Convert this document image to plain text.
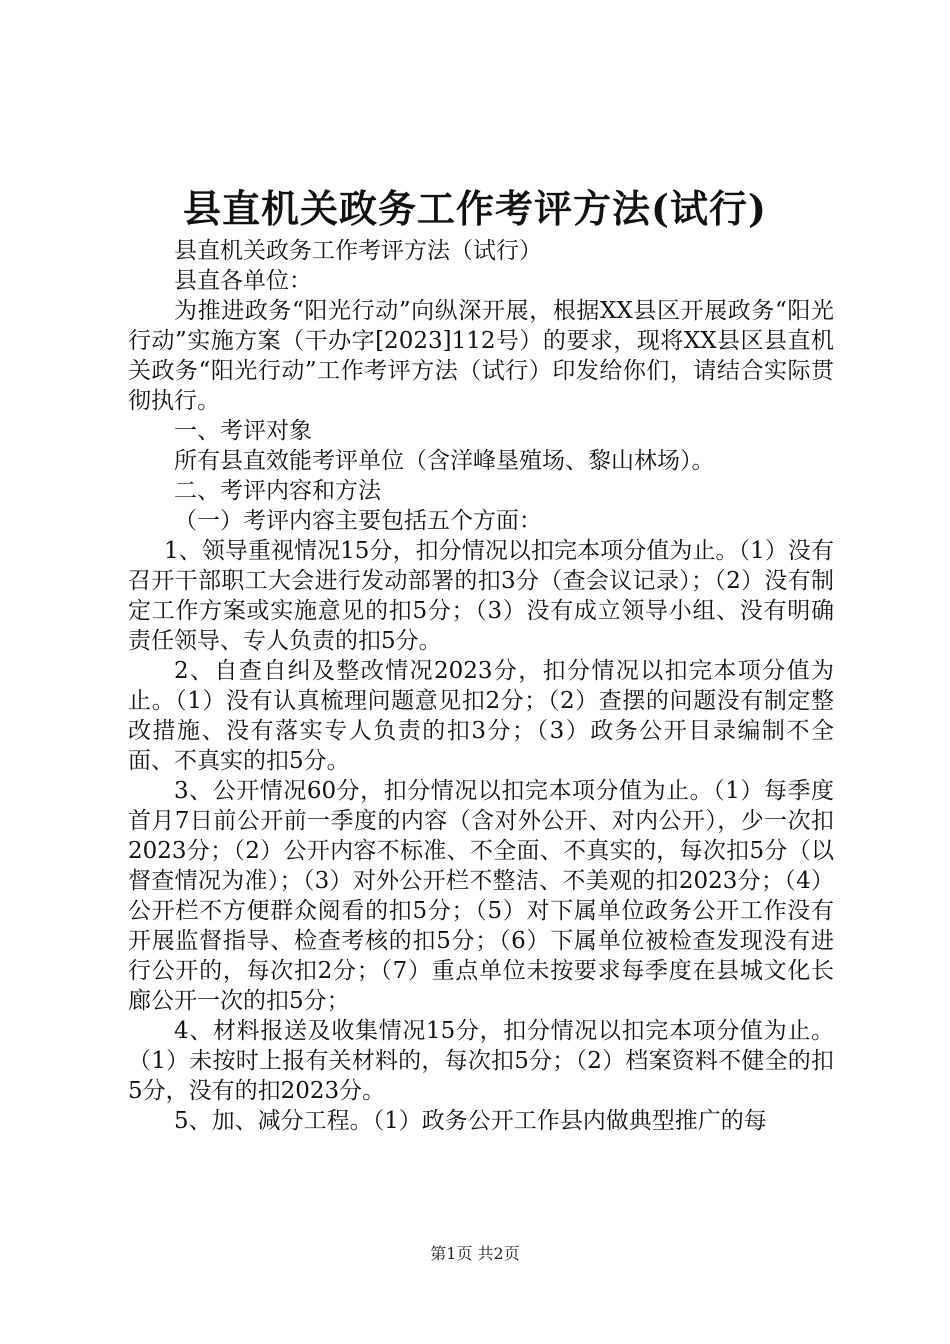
县直机关政务工作考评方法(试行)

县直机关政务工作考评方法（试行）

县直各单位：

为推进政务“阳光行动”向纵深开展，根据XX县区开展政务“阳光行动”实施方案（干办字[2023]112号）的要求，现将XX县区县直机关政务“阳光行动”工作考评方法（试行）印发给你们，请结合实际贯彻执行。

一、考评对象

所有县直效能考评单位（含洋峰垦殖场、黎山林场）。

二、考评内容和方法

（一）考评内容主要包括五个方面：

1、领导重视情况15分，扣分情况以扣完本项分值为止。（1）没有召开干部职工大会进行发动部署的扣3分（查会议记录）；（2）没有制定工作方案或实施意见的扣5分；（3）没有成立领导小组、没有明确责任领导、专人负责的扣5分。

2、自查自纠及整改情况2023分，扣分情况以扣完本项分值为止。（1）没有认真梳理问题意见扣2分；（2）查摆的问题没有制定整改措施、没有落实专人负责的扣3分；（3）政务公开目录编制不全面、不真实的扣5分。

3、公开情况60分，扣分情况以扣完本项分值为止。（1）每季度首月7日前公开前一季度的内容（含对外公开、对内公开），少一次扣2023分；（2）公开内容不标准、不全面、不真实的，每次扣5分（以督查情况为准）；（3）对外公开栏不整洁、不美观的扣2023分；（4）公开栏不方便群众阅看的扣5分；（5）对下属单位政务公开工作没有开展监督指导、检查考核的扣5分；（6）下属单位被检查发现没有进行公开的，每次扣2分；（7）重点单位未按要求每季度在县城文化长廊公开一次的扣5分；

4、材料报送及收集情况15分，扣分情况以扣完本项分值为止。（1）未按时上报有关材料的，每次扣5分；（2）档案资料不健全的扣5分，没有的扣2023分。

5、加、减分工程。（1）政务公开工作县内做典型推广的每

第1页 共2页
